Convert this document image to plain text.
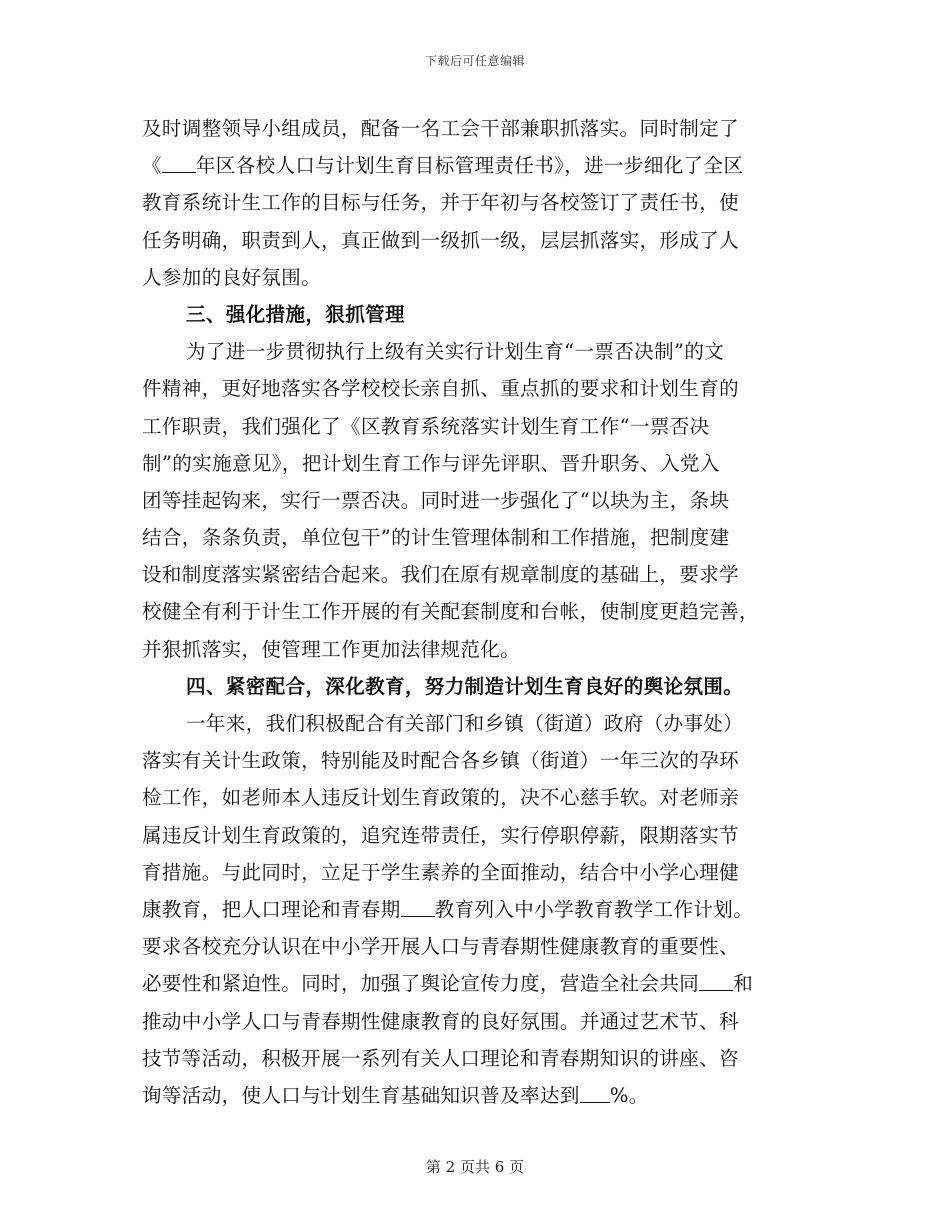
下载后可任意编辑
及时调整领导小组成员，配备一名工会干部兼职抓落实。同时制定了
《 年区各校人口与计划生育目标管理责任书》，进一步细化了全区
教育系统计生工作的目标与任务，并于年初与各校签订了责任书，使
任务明确，职责到人，真正做到一级抓一级，层层抓落实，形成了人
人参加的良好氛围。
三、强化措施，狠抓管理
为了进一步贯彻执行上级有关实行计划生育“一票否决制”的文
件精神，更好地落实各学校校长亲自抓、重点抓的要求和计划生育的
工作职责，我们强化了《区教育系统落实计划生育工作“一票否决
制”的实施意见》，把计划生育工作与评先评职、晋升职务、入党入
团等挂起钩来，实行一票否决。同时进一步强化了“以块为主，条块
结合，条条负责，单位包干”的计生管理体制和工作措施，把制度建
设和制度落实紧密结合起来。我们在原有规章制度的基础上，要求学
校健全有利于计生工作开展的有关配套制度和台帐，使制度更趋完善，
并狠抓落实，使管理工作更加法律规范化。
四、紧密配合，深化教育，努力制造计划生育良好的舆论氛围。
一年来，我们积极配合有关部门和乡镇（街道）政府（办事处）
落实有关计生政策，特别能及时配合各乡镇（街道）一年三次的孕环
检工作，如老师本人违反计划生育政策的，决不心慈手软。对老师亲
属违反计划生育政策的，追究连带责任，实行停职停薪，限期落实节
育措施。与此同时，立足于学生素养的全面推动，结合中小学心理健
康教育，把人口理论和青春期 教育列入中小学教育教学工作计划。
要求各校充分认识在中小学开展人口与青春期性健康教育的重要性、
必要性和紧迫性。同时，加强了舆论宣传力度，营造全社会共同 和
推动中小学人口与青春期性健康教育的良好氛围。并通过艺术节、科
技节等活动，积极开展一系列有关人口理论和青春期知识的讲座、咨
询等活动，使人口与计划生育基础知识普及率达到 %。
第 2 页共 6 页
